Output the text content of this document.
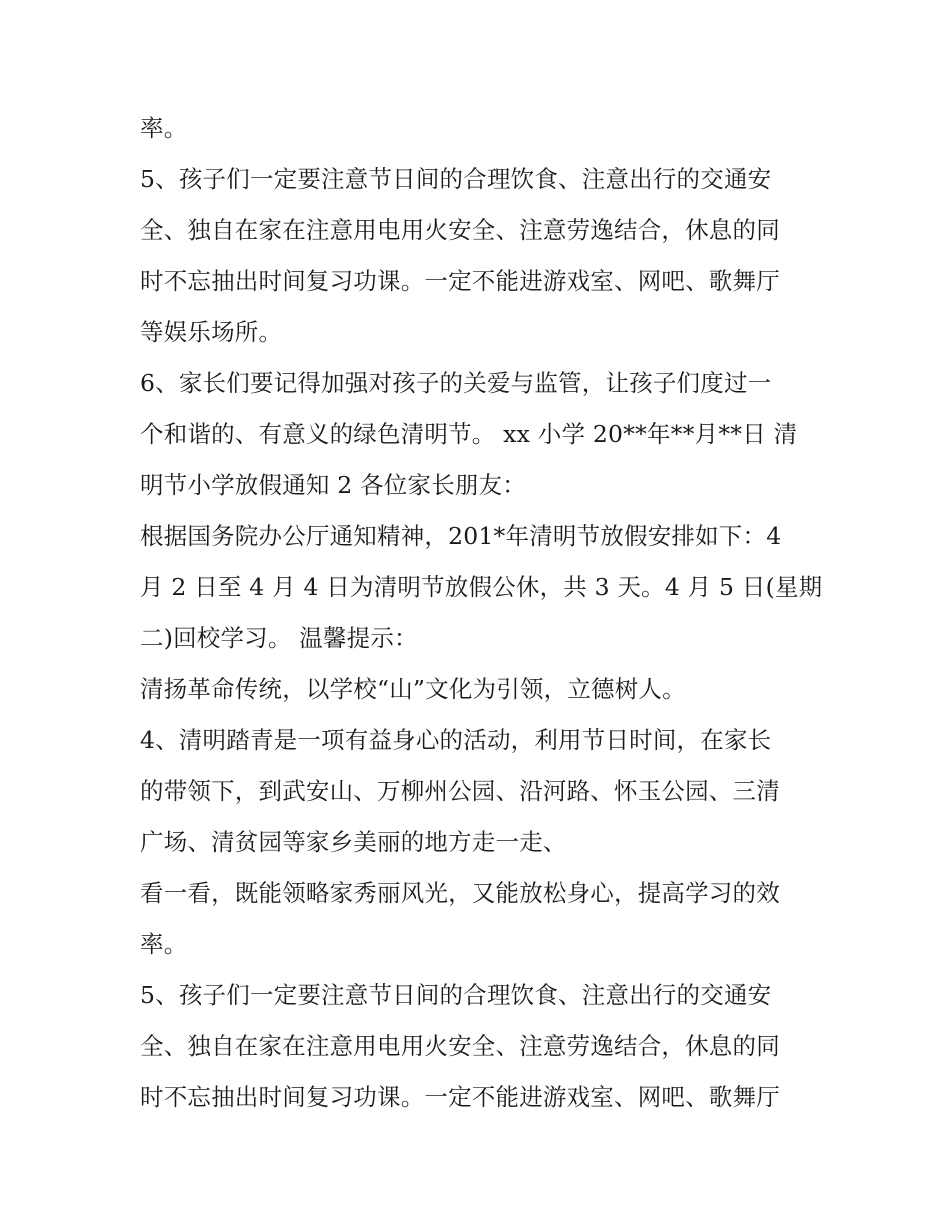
率。
5、孩子们一定要注意节日间的合理饮食、注意出行的交通安
全、独自在家在注意用电用火安全、注意劳逸结合，休息的同
时不忘抽出时间复习功课。一定不能进游戏室、网吧、歌舞厅
等娱乐场所。
6、家长们要记得加强对孩子的关爱与监管，让孩子们度过一
个和谐的、有意义的绿色清明节。 xx 小学 20**年**月**日 清
明节小学放假通知 2 各位家长朋友：
根据国务院办公厅通知精神，201*年清明节放假安排如下：4
月 2 日至 4 月 4 日为清明节放假公休，共 3 天。4 月 5 日(星期
二)回校学习。 温馨提示：
清扬革命传统，以学校“山”文化为引领，立德树人。
4、清明踏青是一项有益身心的活动，利用节日时间，在家长
的带领下，到武安山、万柳州公园、沿河路、怀玉公园、三清
广场、清贫园等家乡美丽的地方走一走、
看一看，既能领略家秀丽风光，又能放松身心，提高学习的效
率。
5、孩子们一定要注意节日间的合理饮食、注意出行的交通安
全、独自在家在注意用电用火安全、注意劳逸结合，休息的同
时不忘抽出时间复习功课。一定不能进游戏室、网吧、歌舞厅
